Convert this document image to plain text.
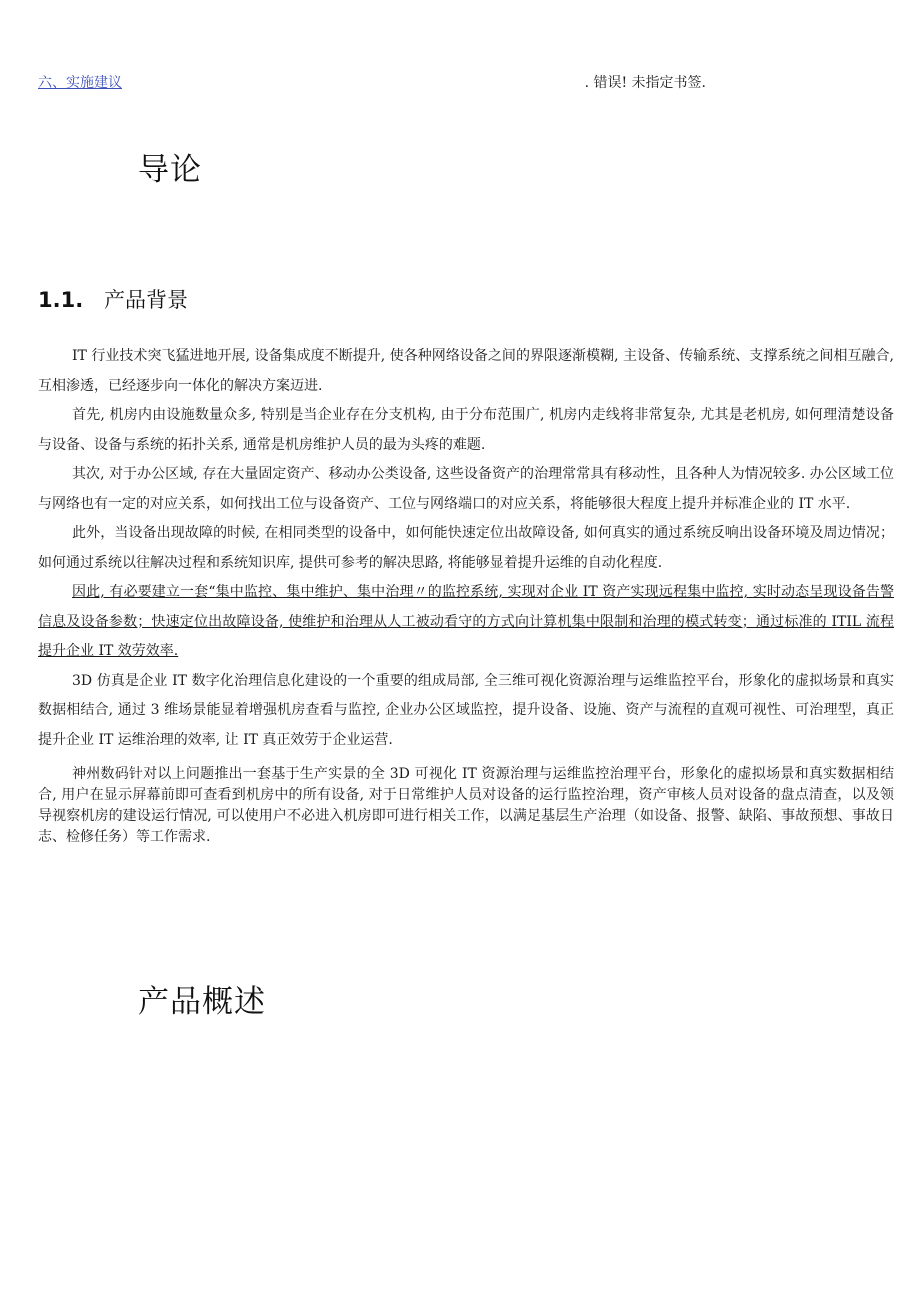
六、实施建议	. 错误! 未指定书签.
导论
1.1. 产品背景

IT 行业技术突飞猛进地开展, 设备集成度不断提升, 使各种网络设备之间的界限逐渐模糊, 主设备、传输系统、支撑系统之间相互融合, 互相渗透，已经逐步向一体化的解决方案迈进.

首先, 机房内由设施数量众多, 特别是当企业存在分支机构, 由于分布范围广, 机房内走线将非常复杂, 尤其是老机房, 如何理清楚设备与设备、设备与系统的拓扑关系, 通常是机房维护人员的最为头疼的难题.

其次, 对于办公区域, 存在大量固定资产、移动办公类设备, 这些设备资产的治理常常具有移动性，且各种人为情况较多. 办公区域工位与网络也有一定的对应关系，如何找出工位与设备资产、工位与网络端口的对应关系，将能够很大程度上提升并标准企业的 IT 水平.

此外，当设备出现故障的时候, 在相同类型的设备中，如何能快速定位出故障设备, 如何真实的通过系统反响出设备环境及周边情况；如何通过系统以往解决过程和系统知识库, 提供可参考的解决思路, 将能够显着提升运维的自动化程度.

因此, 有必要建立一套“集中监控、集中维护、集中治理〃的监控系统, 实现对企业 IT 资产实现远程集中监控, 实时动态呈现设备告警信息及设备参数；快速定位出故障设备, 使维护和治理从人工被动看守的方式向计算机集中限制和治理的模式转变；通过标准的 ITIL 流程提升企业 IT 效劳效率.

3D 仿真是企业 IT 数字化治理信息化建设的一个重要的组成局部, 全三维可视化资源治理与运维监控平台，形象化的虚拟场景和真实数据相结合, 通过 3 维场景能显着增强机房查看与监控, 企业办公区域监控，提升设备、设施、资产与流程的直观可视性、可治理型，真正提升企业 IT 运维治理的效率, 让 IT 真正效劳于企业运营.

神州数码针对以上问题推出一套基于生产实景的全 3D 可视化 IT 资源治理与运维监控治理平台，形象化的虚拟场景和真实数据相结合, 用户在显示屏幕前即可查看到机房中的所有设备, 对于日常维护人员对设备的运行监控治理，资产审核人员对设备的盘点清查，以及领导视察机房的建设运行情况, 可以使用户不必进入机房即可进行相关工作，以满足基层生产治理（如设备、报警、缺陷、事故预想、事故日志、检修任务）等工作需求.

产品概述
